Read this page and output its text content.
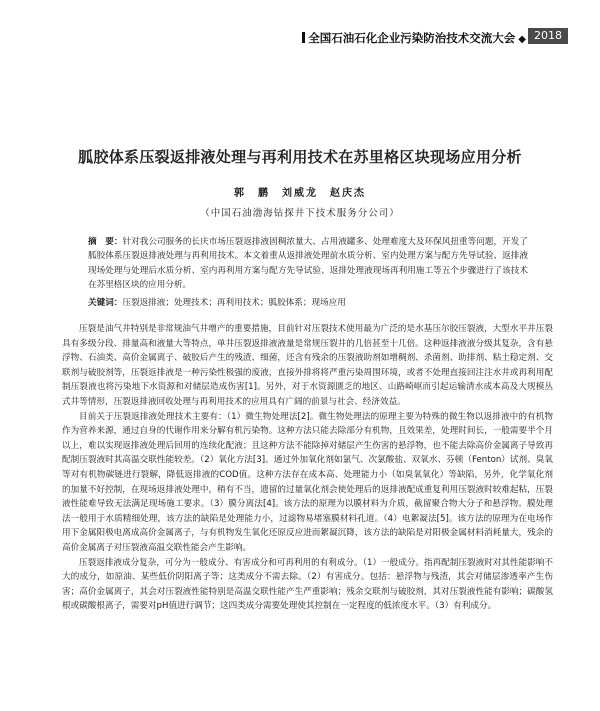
全国石油石化企业污染防治技术交流大会 ◆ 2018
胍胶体系压裂返排液处理与再利用技术在苏里格区块现场应用分析
郭　鹏　刘威龙　赵庆杰
（中国石油渤海钻探井下技术服务分公司）
摘　要：针对我公司服务的长庆市场压裂返排液固稠浓量大、占用液罐多、处理难度大及环保风扭重等问题，开发了胍胶体系压裂返排液处理与再利用技术。本文着重从返排液处理前水质分析、室内处理方案与配方先导试验、返排液现场处理与处理后水质分析、室内再利用方案与配方先导试验、返排处理液现场再利用施工等五个步骤进行了该技术在苏里格区块的应用分析。
关键词：压裂返排液；处理技术；再利用技术；胍胶体系；现场应用

压裂是油气井特别是非常规油气井增产的重要措施，目前针对压裂技术使用最为广泛的是水基压尔胶压裂液，大型水平井压裂具有多级分段、排量高和液量大等特点，单井压裂返排液液量是常规压裂井的几倍甚至十几倍。这种返排液液分级其复杂，含有悬浮物、石油类、高价金属离子、破胶后产生的残渣、细菌，还含有残余的压裂液助剂如增稠剂、杀菌剂、助排剂、粘土稳定剂、交联剂与破胶剂等，压裂返排液是一种污染性极强的废液，直接外排将将严重污染周围环境，或者不处理直接回注注水井或再利用配制压裂液也将污染地下水资源和对储层造成伤害[1]。另外，对于水资源匮乏的地区、山路崎岖而引起运输清水成本高及大规模丛式井等情形，压裂返排液回收处理与再利用技术的应用具有广阔的前景与社会、经济效益。

目前关于压裂返排液处理技术主要有：（1）微生物处理法[2]。微生物处理法的原理主要为特殊的微生物以返排液中的有机物作为营养来源，通过自身的代谢作用来分解有机污染物。这种方法只能去除部分有机物，且效果差，处理时间长，一般需要半个月以上，难以实现返排液处理后回用的连续化配液；且这种方法不能除掉对储层产生伤害的悬浮物，也不能去除高价金属离子导致再配制压裂液时其高温交联性能较差。（2）氧化方法[3]。通过外加氧化剂如氯气、次氯酸盐、双氧水、芬顿（Fenton）试剂、臭氧等对有机物碳链进行裂解，降低返排液的COD值。这种方法存在成本高、处理能力小（如臭氧氧化）等缺陷，另外，化学氧化剂的加量不好控制，在现场返排液处理中，稍有不当，遗留的过量氧化剂会使处理后的返排液配成重复利用压裂液时较难起粘，压裂液性能难导致无法满足现场施工要求。（3）膜分离法[4]。该方法的原理为以膜材料为介质，截留聚合物大分子和悬浮物。膜处理法一般用于水质精细处理，该方法的缺陷是处理能力小，过滤物易堵塞膜材料孔道。（4）电絮凝法[5]。该方法的原理为在电场作用下金属阳极电离成高价金属离子，与有机物发生氧化还原反应进而絮凝沉降，该方法的缺陷是对阳极金属材料消耗量大，残余的高价金属离子对压裂液高温交联性能会产生影响。

压裂返排液成分复杂，可分为一般成分、有害成分和可再利用的有利成分。（1）一般成分。指再配制压裂液时对其性能影响不大的成分，如原油、某些低价阴阳离子等；这类成分不需去除。（2）有害成分。包括：悬浮物与残渣，其会对储层渗透率产生伤害；高价金属离子，其会对压裂液性能特别是高温交联性能产生严重影响；残余交联剂与破胶剂，其对压裂液性能有影响；碳酸氢根或碳酸根离子，需要对pH值进行调节；这四类成分需要处理使其控制在一定程度的低浓度水平。（3）有利成分。
